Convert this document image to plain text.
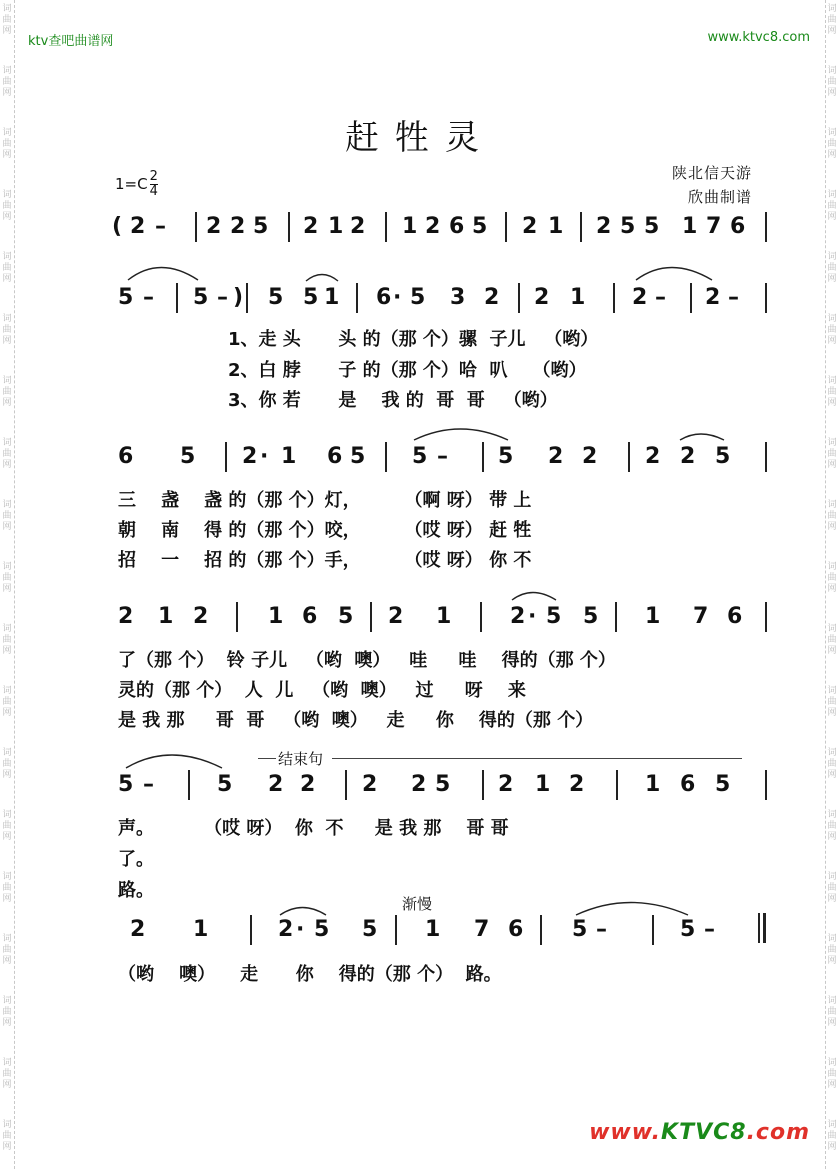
词
曲
网
词
曲
网
词
曲
网
词
曲
网
词
曲
网
词
曲
网
词
曲
网
词
曲
网
词
曲
网
词
曲
网
词
曲
网
词
曲
网
词
曲
网
词
曲
网
词
曲
网
词
曲
网
词
曲
网
词
曲
网
词
曲
网
词
曲
网
词
曲
网
词
曲
网
词
曲
网
词
曲
网
词
曲
网
词
曲
网
词
曲
网
词
曲
网
词
曲
网
词
曲
网
词
曲
网
词
曲
网
词
曲
网
词
曲
网
词
曲
网
词
曲
网
词
曲
网
词
曲
网
ktv查吧曲谱网	www.ktvc8.com
赶牲灵
$1=C \frac{2}{4}$	陕北信天游
欣曲制谱
结束句
渐慢
( 2 – 2 2 5 2 1 2 1 2 6 5 2 1 2 5 5 1 7 6
5 – 5 – ) 5 5 1 6 · 5 3 2 2 1 2 – 2 –
6 5 2 · 1 6 5 5 – 5 2 2 2 2 5
2 1 2	1 6 5 2 1	2 · 5 5 1 7 6
5 –	5 2 2 2 2 5 2 1 2	1 6 5
2 1	2 · 5 5 1 7 6 5 –	5 –
1、走 头      头 的（那 个）骡  子儿   （哟）
2、白 脖      子 的（那 个）哈  叭    （哟）
3、你 若      是    我 的  哥  哥   （哟）
三    盏    盏 的（那 个）灯，       （啊 呀） 带 上
朝    南    得 的（那 个）咬，       （哎 呀） 赶 牲
招    一    招 的（那 个）手，       （哎 呀） 你 不
了（那 个）  铃 子儿   （哟  噢）   哇     哇    得的（那 个）
灵的（那 个）  人  儿   （哟  噢）   过     呀    来
是 我 那     哥  哥   （哟  噢）   走     你    得的（那 个）
声。        （哎 呀）  你  不     是 我 那    哥 哥
了。
路。
（哟    噢）    走      你    得的（那 个）  路。
www.KTVC8.com
